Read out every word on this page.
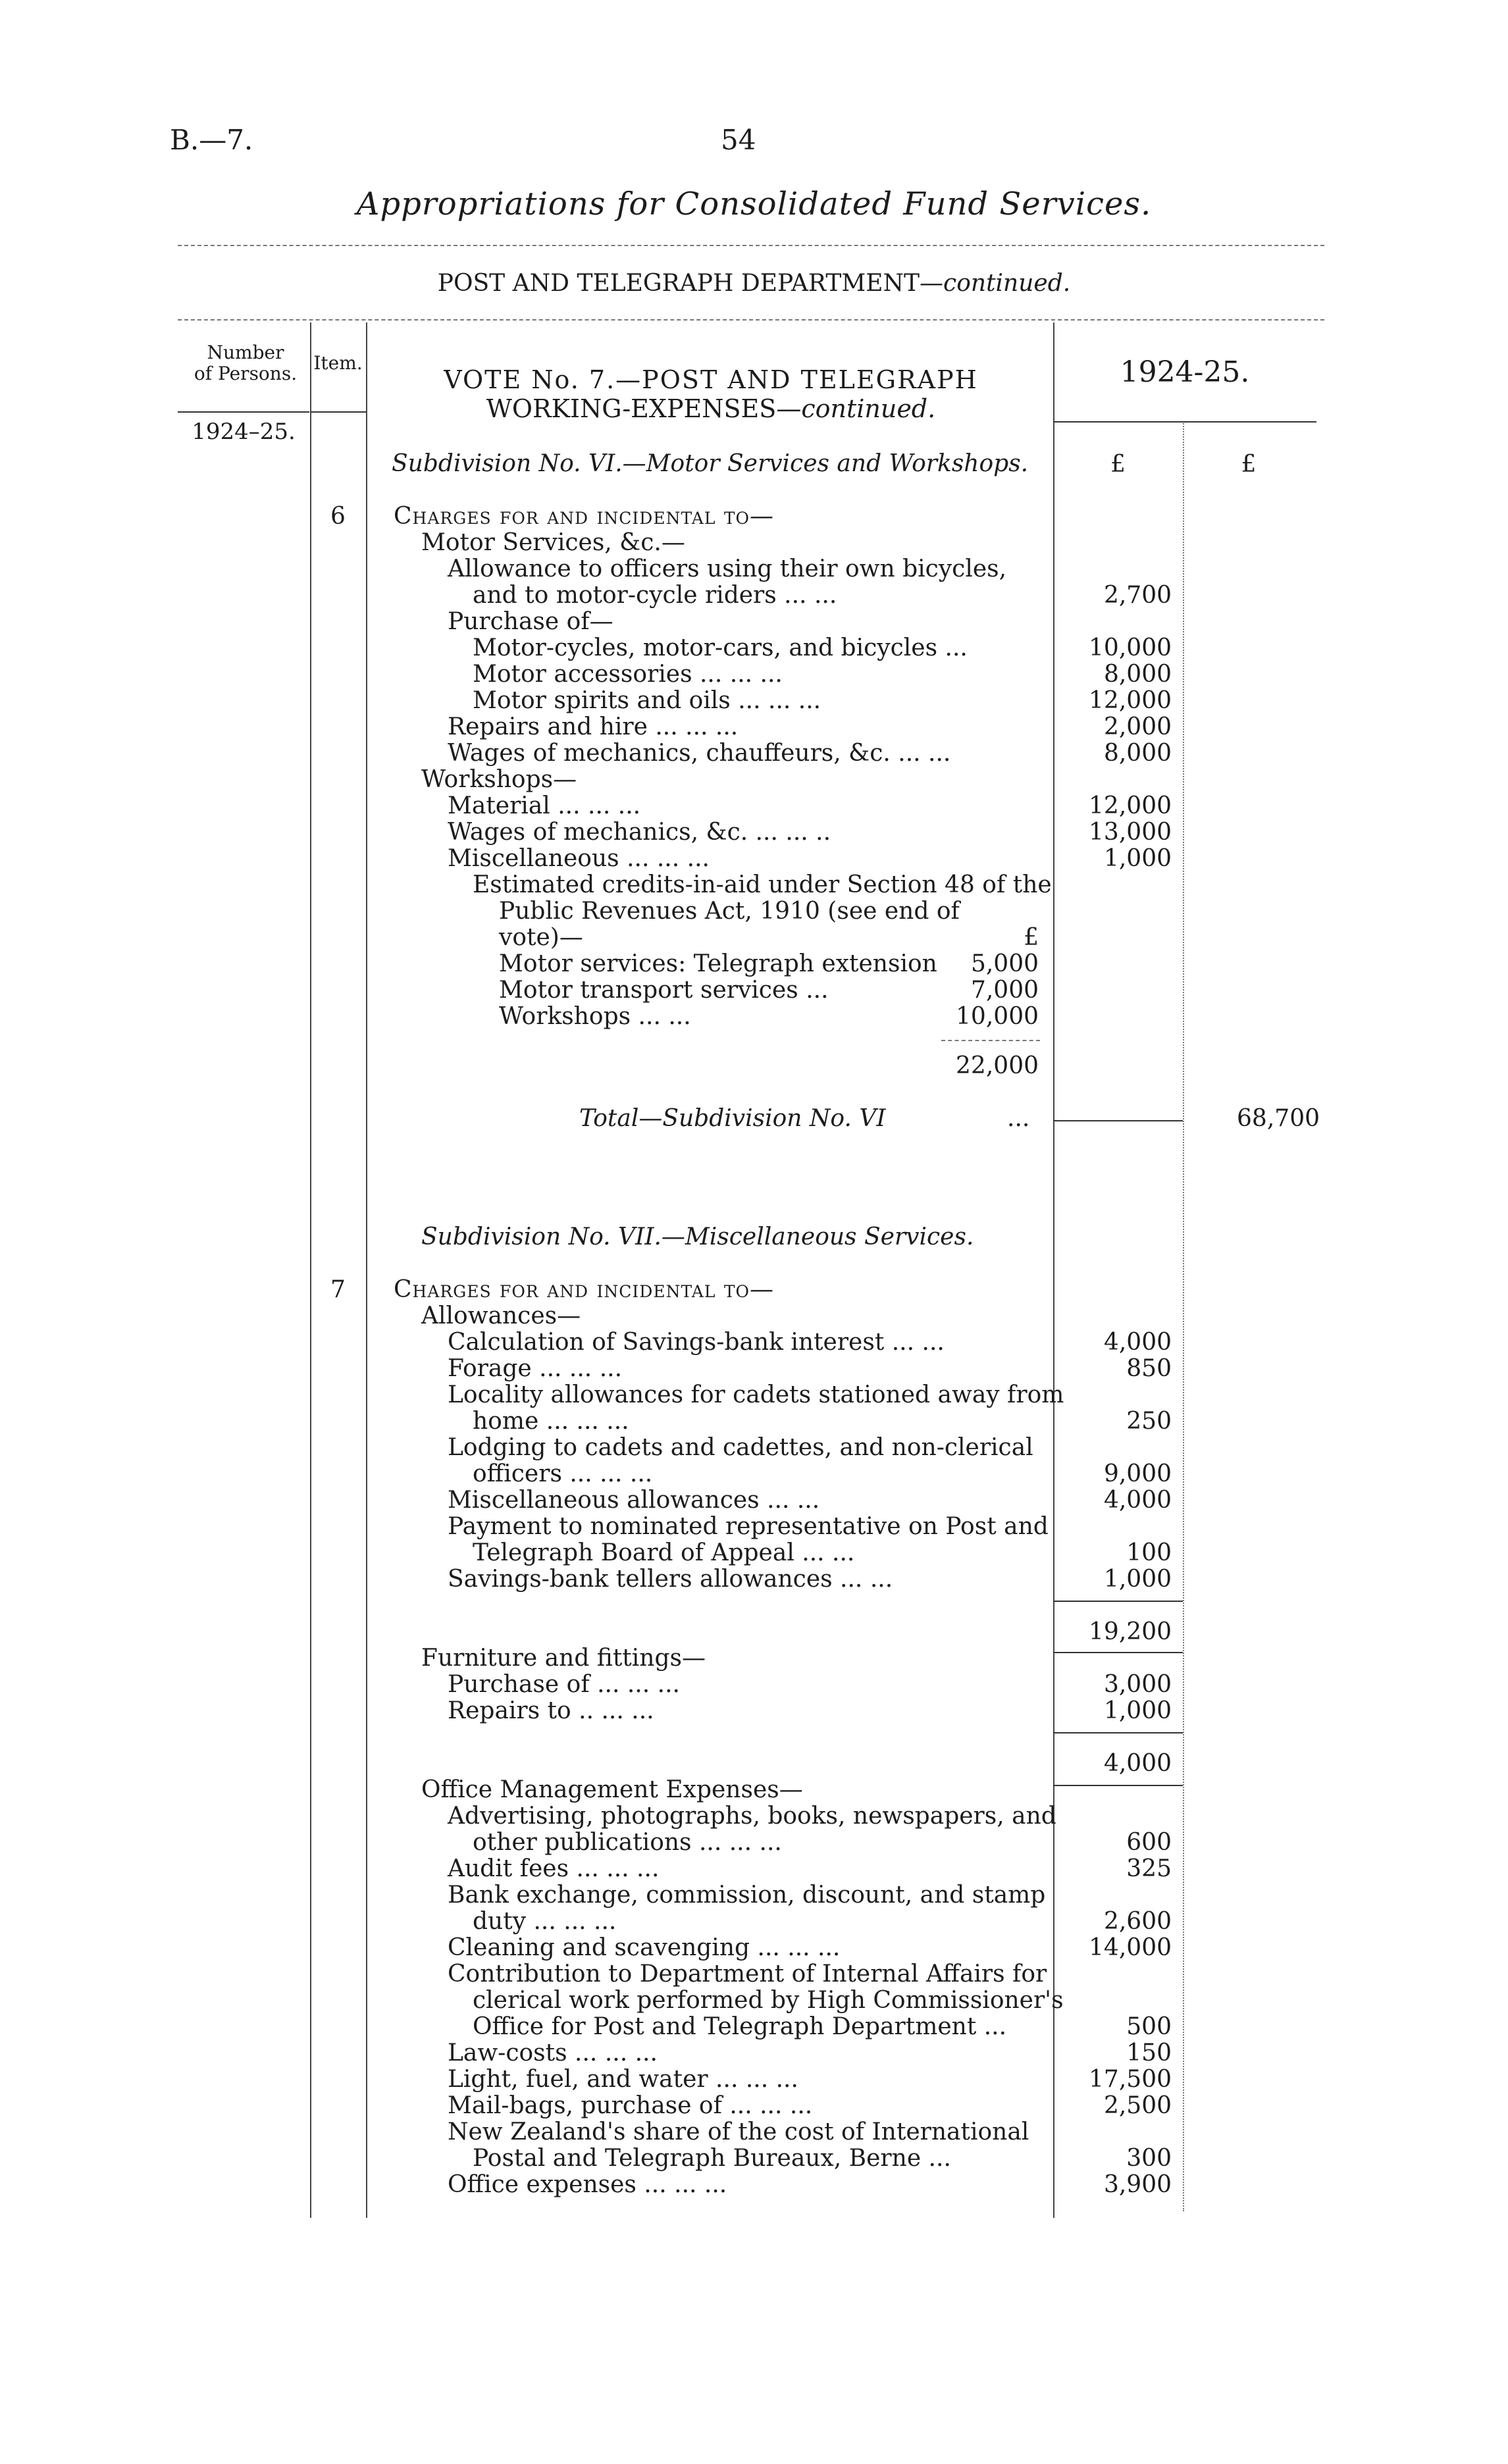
B.—7.	54
Appropriations for Consolidated Fund Services.
POST AND TELEGRAPH DEPARTMENT—continued.
Number
of Persons. Item.
1924–25.
VOTE No. 7.—POST AND TELEGRAPH
WORKING-EXPENSES—continued.
1924-25.
£	£
Subdivision No. VI.—Motor Services and Workshops.
6	Charges for and incidental to—
Motor Services, &c.—
Allowance to officers using their own bicycles,
and to motor-cycle riders ... ...	2,700
Purchase of—
Motor-cycles, motor-cars, and bicycles ...	10,000
Motor accessories ... ... ...	8,000
Motor spirits and oils ... ... ...	12,000
Repairs and hire ... ... ...	2,000
Wages of mechanics, chauffeurs, &c. ... ...	8,000
Workshops—
Material ... ... ...	12,000
Wages of mechanics, &c. ... ... ..	13,000
Miscellaneous ... ... ...	1,000
Estimated credits-in-aid under Section 48 of the
Public Revenues Act, 1910 (see end of
vote)—	£
Motor services: Telegraph extension	5,000
Motor transport services ...	7,000
Workshops ... ...	10,000
22,000
Total—Subdivision No. VI	...	68,700
Subdivision No. VII.—Miscellaneous Services.
7	Charges for and incidental to—
Allowances—
Calculation of Savings-bank interest ... ...	4,000
Forage ... ... ...	850
Locality allowances for cadets stationed away from
home ... ... ...	250
Lodging to cadets and cadettes, and non-clerical
officers ... ... ...	9,000
Miscellaneous allowances ... ...	4,000
Payment to nominated representative on Post and
Telegraph Board of Appeal ... ...	100
Savings-bank tellers allowances ... ...	1,000
19,200
Furniture and fittings—
Purchase of ... ... ...	3,000
Repairs to .. ... ...	1,000
4,000
Office Management Expenses—
Advertising, photographs, books, newspapers, and
other publications ... ... ...	600
Audit fees ... ... ...	325
Bank exchange, commission, discount, and stamp
duty ... ... ...	2,600
Cleaning and scavenging ... ... ...	14,000
Contribution to Department of Internal Affairs for
clerical work performed by High Commissioner's
Office for Post and Telegraph Department ...	500
Law-costs ... ... ...	150
Light, fuel, and water ... ... ...	17,500
Mail-bags, purchase of ... ... ...	2,500
New Zealand's share of the cost of International
Postal and Telegraph Bureaux, Berne ...	300
Office expenses ... ... ...	3,900
